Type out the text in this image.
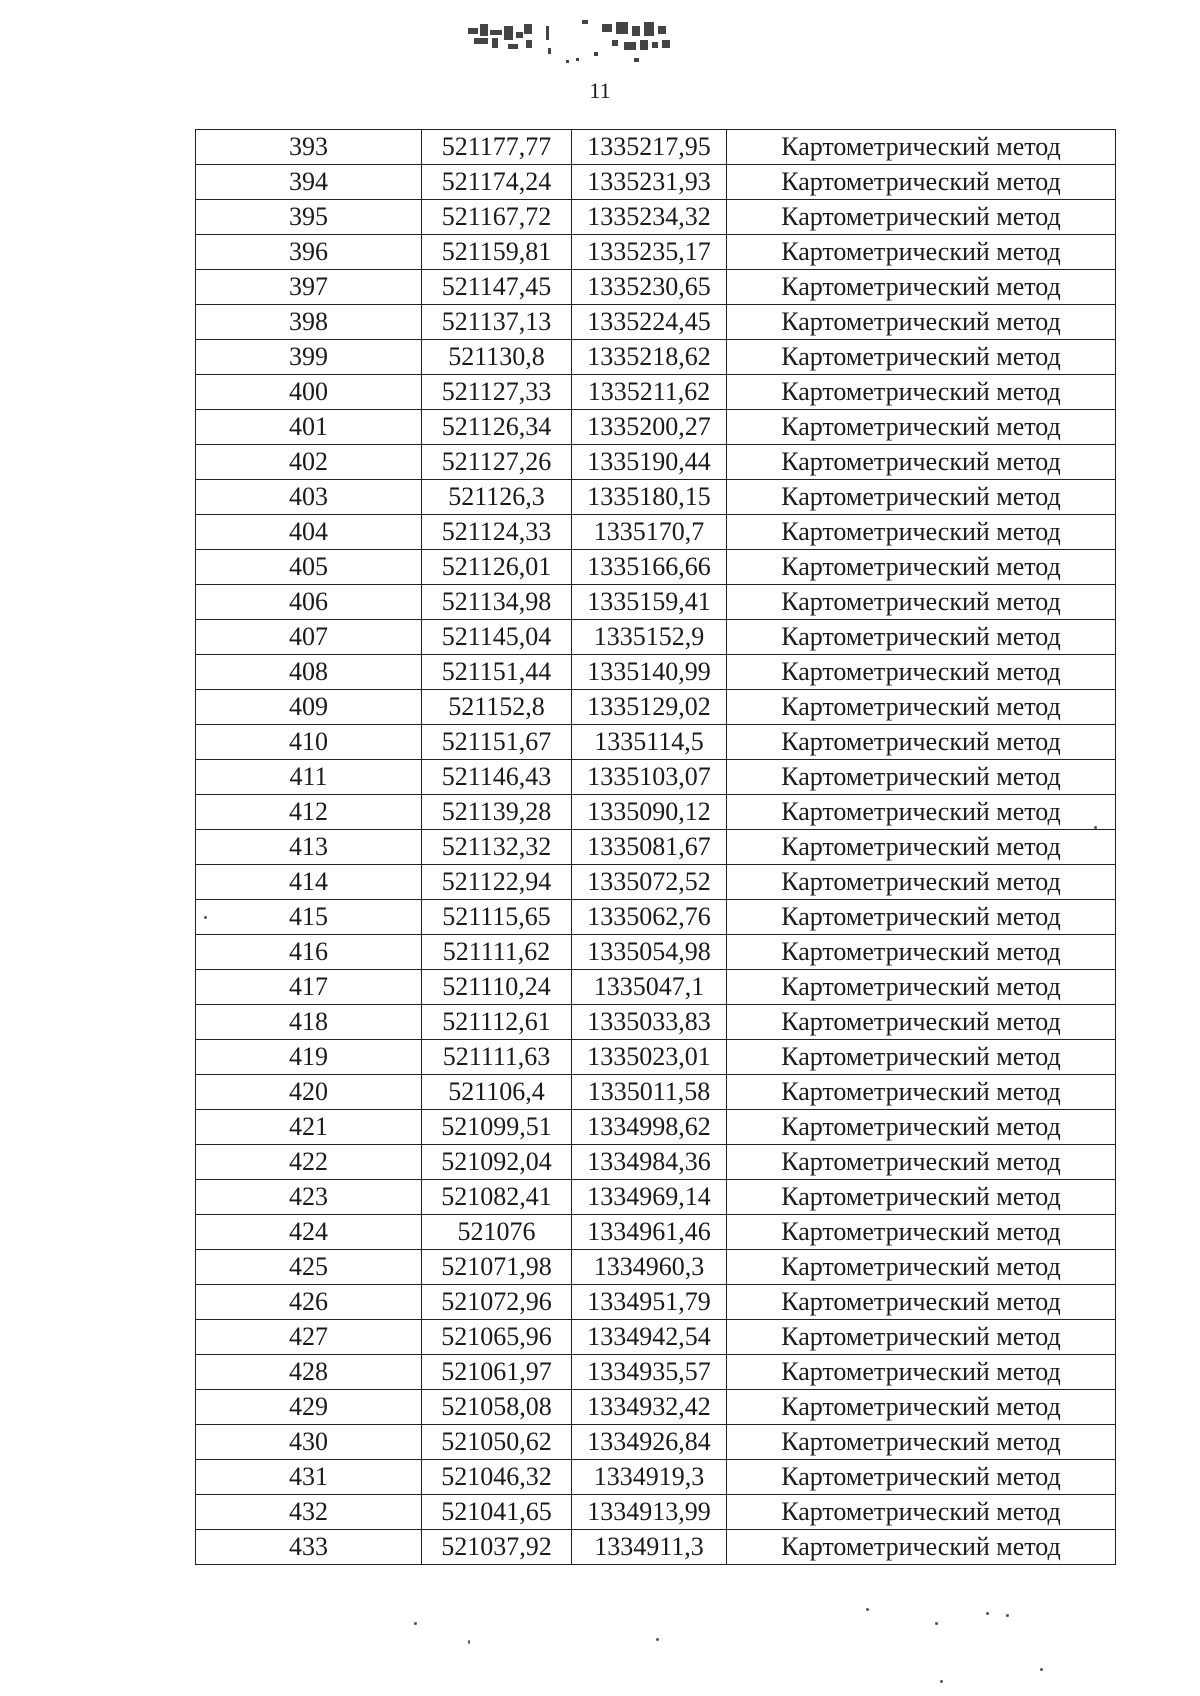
11
393	521177,77	1335217,95	Картометрический метод
394	521174,24	1335231,93	Картометрический метод
395	521167,72	1335234,32	Картометрический метод
396	521159,81	1335235,17	Картометрический метод
397	521147,45	1335230,65	Картометрический метод
398	521137,13	1335224,45	Картометрический метод
399	521130,8	1335218,62	Картометрический метод
400	521127,33	1335211,62	Картометрический метод
401	521126,34	1335200,27	Картометрический метод
402	521127,26	1335190,44	Картометрический метод
403	521126,3	1335180,15	Картометрический метод
404	521124,33	1335170,7	Картометрический метод
405	521126,01	1335166,66	Картометрический метод
406	521134,98	1335159,41	Картометрический метод
407	521145,04	1335152,9	Картометрический метод
408	521151,44	1335140,99	Картометрический метод
409	521152,8	1335129,02	Картометрический метод
410	521151,67	1335114,5	Картометрический метод
411	521146,43	1335103,07	Картометрический метод
412	521139,28	1335090,12	Картометрический метод
413	521132,32	1335081,67	Картометрический метод
414	521122,94	1335072,52	Картометрический метод
415	521115,65	1335062,76	Картометрический метод
416	521111,62	1335054,98	Картометрический метод
417	521110,24	1335047,1	Картометрический метод
418	521112,61	1335033,83	Картометрический метод
419	521111,63	1335023,01	Картометрический метод
420	521106,4	1335011,58	Картометрический метод
421	521099,51	1334998,62	Картометрический метод
422	521092,04	1334984,36	Картометрический метод
423	521082,41	1334969,14	Картометрический метод
424	521076	1334961,46	Картометрический метод
425	521071,98	1334960,3	Картометрический метод
426	521072,96	1334951,79	Картометрический метод
427	521065,96	1334942,54	Картометрический метод
428	521061,97	1334935,57	Картометрический метод
429	521058,08	1334932,42	Картометрический метод
430	521050,62	1334926,84	Картометрический метод
431	521046,32	1334919,3	Картометрический метод
432	521041,65	1334913,99	Картометрический метод
433	521037,92	1334911,3	Картометрический метод
